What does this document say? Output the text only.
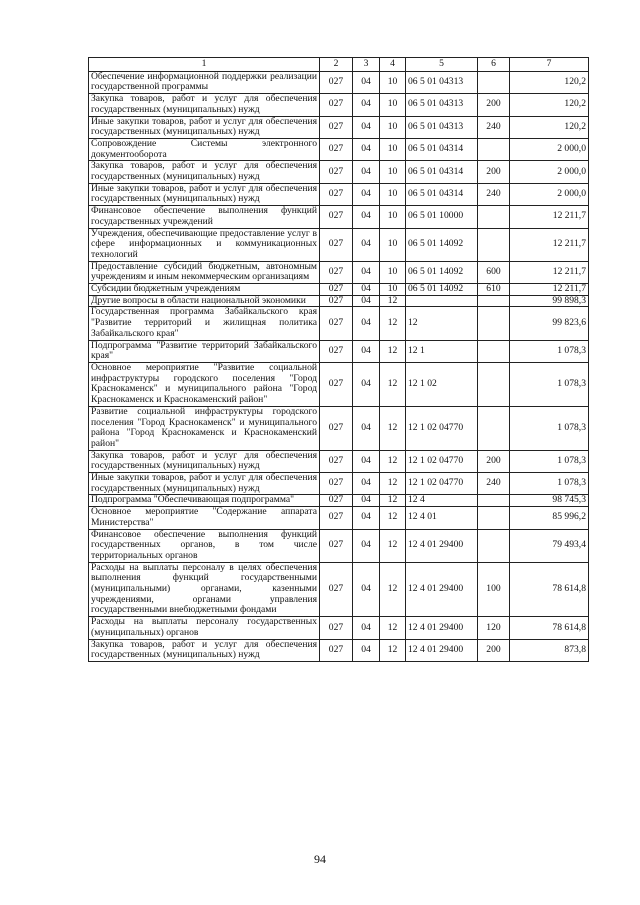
1	2	3	4	5	6	7
Обеспечение информационной поддержки реализации государственной программы	027	04	10	06 5 01 04313		120,2
Закупка товаров, работ и услуг для обеспечения государственных (муниципальных) нужд	027	04	10	06 5 01 04313	200	120,2
Иные закупки товаров, работ и услуг для обеспечения государственных (муниципальных) нужд	027	04	10	06 5 01 04313	240	120,2
Сопровождение Системы электронного документооборота	027	04	10	06 5 01 04314		2 000,0
Закупка товаров, работ и услуг для обеспечения государственных (муниципальных) нужд	027	04	10	06 5 01 04314	200	2 000,0
Иные закупки товаров, работ и услуг для обеспечения государственных (муниципальных) нужд	027	04	10	06 5 01 04314	240	2 000,0
Финансовое обеспечение выполнения функций государственных учреждений	027	04	10	06 5 01 10000		12 211,7
Учреждения, обеспечивающие предоставление услуг в сфере информационных и коммуникационных технологий	027	04	10	06 5 01 14092		12 211,7
Предоставление субсидий бюджетным, автономным учреждениям и иным некоммерческим организациям	027	04	10	06 5 01 14092	600	12 211,7
Субсидии бюджетным учреждениям	027	04	10	06 5 01 14092	610	12 211,7
Другие вопросы в области национальной экономики	027	04	12			99 898,3
Государственная программа Забайкальского края "Развитие территорий и жилищная политика Забайкальского края"	027	04	12	12		99 823,6
Подпрограмма "Развитие территорий Забайкальского края"	027	04	12	12 1		1 078,3
Основное мероприятие "Развитие социальной инфраструктуры городского поселения "Город Краснокаменск" и муниципального района "Город Краснокаменск и Краснокаменский район"	027	04	12	12 1 02		1 078,3
Развитие социальной инфраструктуры городского поселения "Город Краснокаменск" и муниципального района "Город Краснокаменск и Краснокаменский район"	027	04	12	12 1 02 04770		1 078,3
Закупка товаров, работ и услуг для обеспечения государственных (муниципальных) нужд	027	04	12	12 1 02 04770	200	1 078,3
Иные закупки товаров, работ и услуг для обеспечения государственных (муниципальных) нужд	027	04	12	12 1 02 04770	240	1 078,3
Подпрограмма "Обеспечивающая подпрограмма"	027	04	12	12 4		98 745,3
Основное мероприятие "Содержание аппарата Министерства"	027	04	12	12 4 01		85 996,2
Финансовое обеспечение выполнения функций государственных органов, в том числе территориальных органов	027	04	12	12 4 01 29400		79 493,4
Расходы на выплаты персоналу в целях обеспечения выполнения функций государственными (муниципальными) органами, казенными учреждениями, органами управления государственными внебюджетными фондами	027	04	12	12 4 01 29400	100	78 614,8
Расходы на выплаты персоналу государственных (муниципальных) органов	027	04	12	12 4 01 29400	120	78 614,8
Закупка товаров, работ и услуг для обеспечения государственных (муниципальных) нужд	027	04	12	12 4 01 29400	200	873,8
94
